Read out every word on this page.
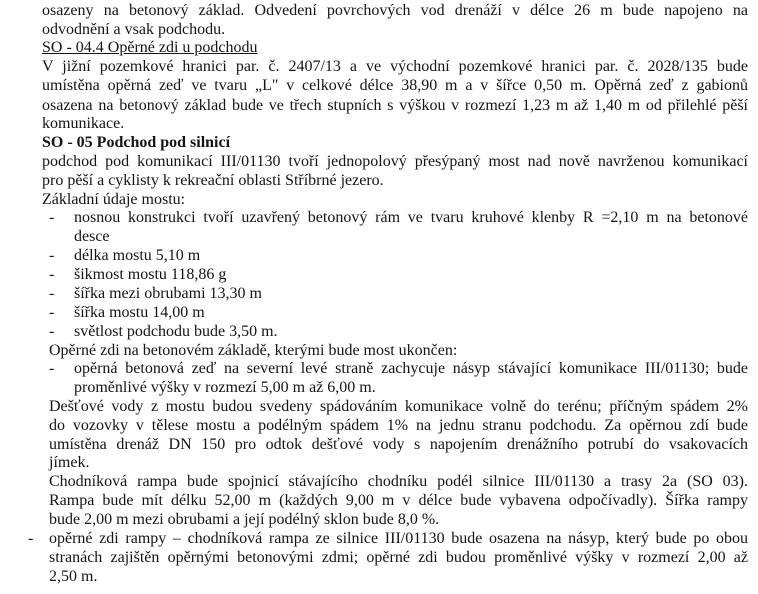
osazeny na betonový základ. Odvedení povrchových vod drenáží v délce 26 m bude napojeno na
odvodnění a vsak podchodu.
SO - 04.4 Opěrné zdi u podchodu
V jižní pozemkové hranici par. č. 2407/13 a ve východní pozemkové hranici par. č. 2028/135 bude
umístěna opěrná zeď ve tvaru „L" v celkové délce 38,90 m a v šířce 0,50 m. Opěrná zeď z gabionů
osazena na betonový základ bude ve třech stupních s výškou v rozmezí 1,23 m až 1,40 m od přilehlé pěší
komunikace.
SO - 05 Podchod pod silnicí
podchod pod komunikací III/01130 tvoří jednopolový přesýpaný most nad nově navrženou komunikací
pro pěší a cyklisty k rekreační oblasti Stříbrné jezero.
Základní údaje mostu:
- nosnou konstrukci tvoří uzavřený betonový rám ve tvaru kruhové klenby R =2,10 m na betonové
desce
- délka mostu 5,10 m
- šikmost mostu 118,86 g
- šířka mezi obrubami 13,30 m
- šířka mostu 14,00 m
- světlost podchodu bude 3,50 m.
Opěrné zdi na betonovém základě, kterými bude most ukončen:
- opěrná betonová zeď na severní levé straně zachycuje násyp stávající komunikace III/01130; bude
proměnlivé výšky v rozmezí 5,00 m až 6,00 m.
Dešťové vody z mostu budou svedeny spádováním komunikace volně do terénu; příčným spádem 2%
do vozovky v tělese mostu a podélným spádem 1% na jednu stranu podchodu. Za opěrnou zdí bude
umístěna drenáž DN 150 pro odtok dešťové vody s napojením drenážního potrubí do vsakovacích
jímek.
Chodníková rampa bude spojnicí stávajícího chodníku podél silnice III/01130 a trasy 2a (SO 03).
Rampa bude mít délku 52,00 m (každých 9,00 m v délce bude vybavena odpočívadly). Šířka rampy
bude 2,00 m mezi obrubami a její podélný sklon bude 8,0 %.
- opěrné zdi rampy – chodníková rampa ze silnice III/01130 bude osazena na násyp, který bude po obou
stranách zajištěn opěrnými betonovými zdmi; opěrné zdi budou proměnlivé výšky v rozmezí 2,00 až
2,50 m.
